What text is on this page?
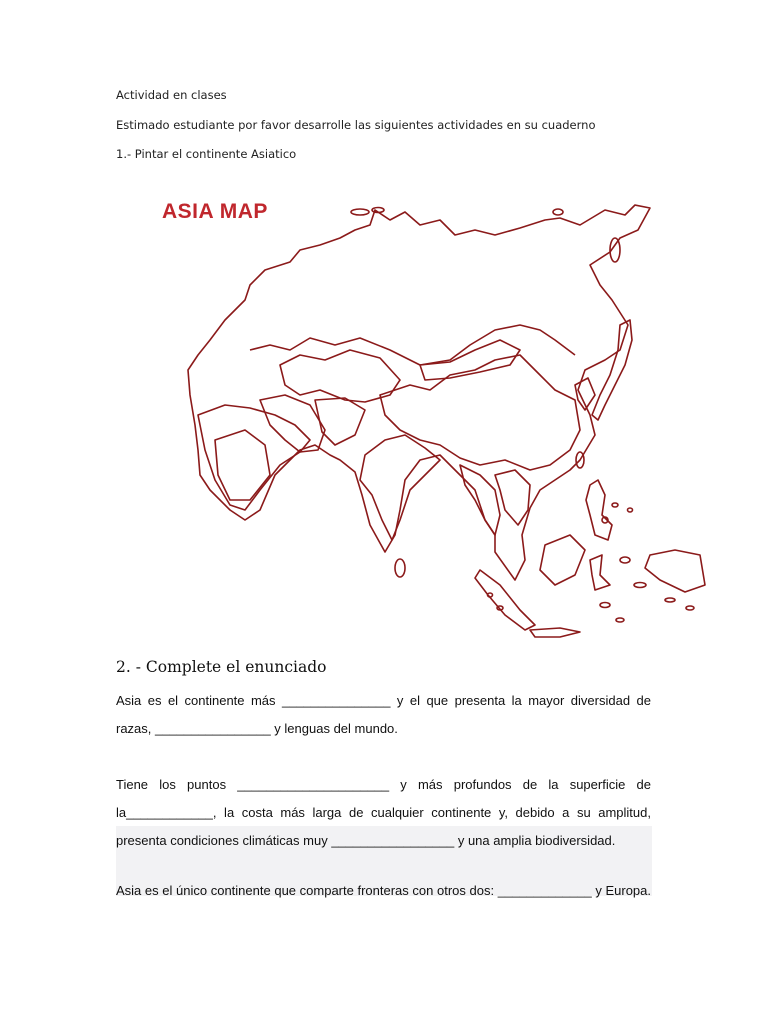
Actividad en clases
Estimado estudiante por favor desarrolle las siguientes actividades en su cuaderno
1.- Pintar el continente Asiatico
ASIA MAP
2. - Complete el enunciado
Asia es el continente más _______________ y el que presenta la mayor diversidad de
razas, ________________ y lenguas del mundo.
Tiene los puntos _____________________ y más profundos de la superficie de
la____________, la costa más larga de cualquier continente y, debido a su amplitud,
presenta condiciones climáticas muy _________________ y una amplia biodiversidad.
Asia es el único continente que comparte fronteras con otros dos: _____________ y Europa.
